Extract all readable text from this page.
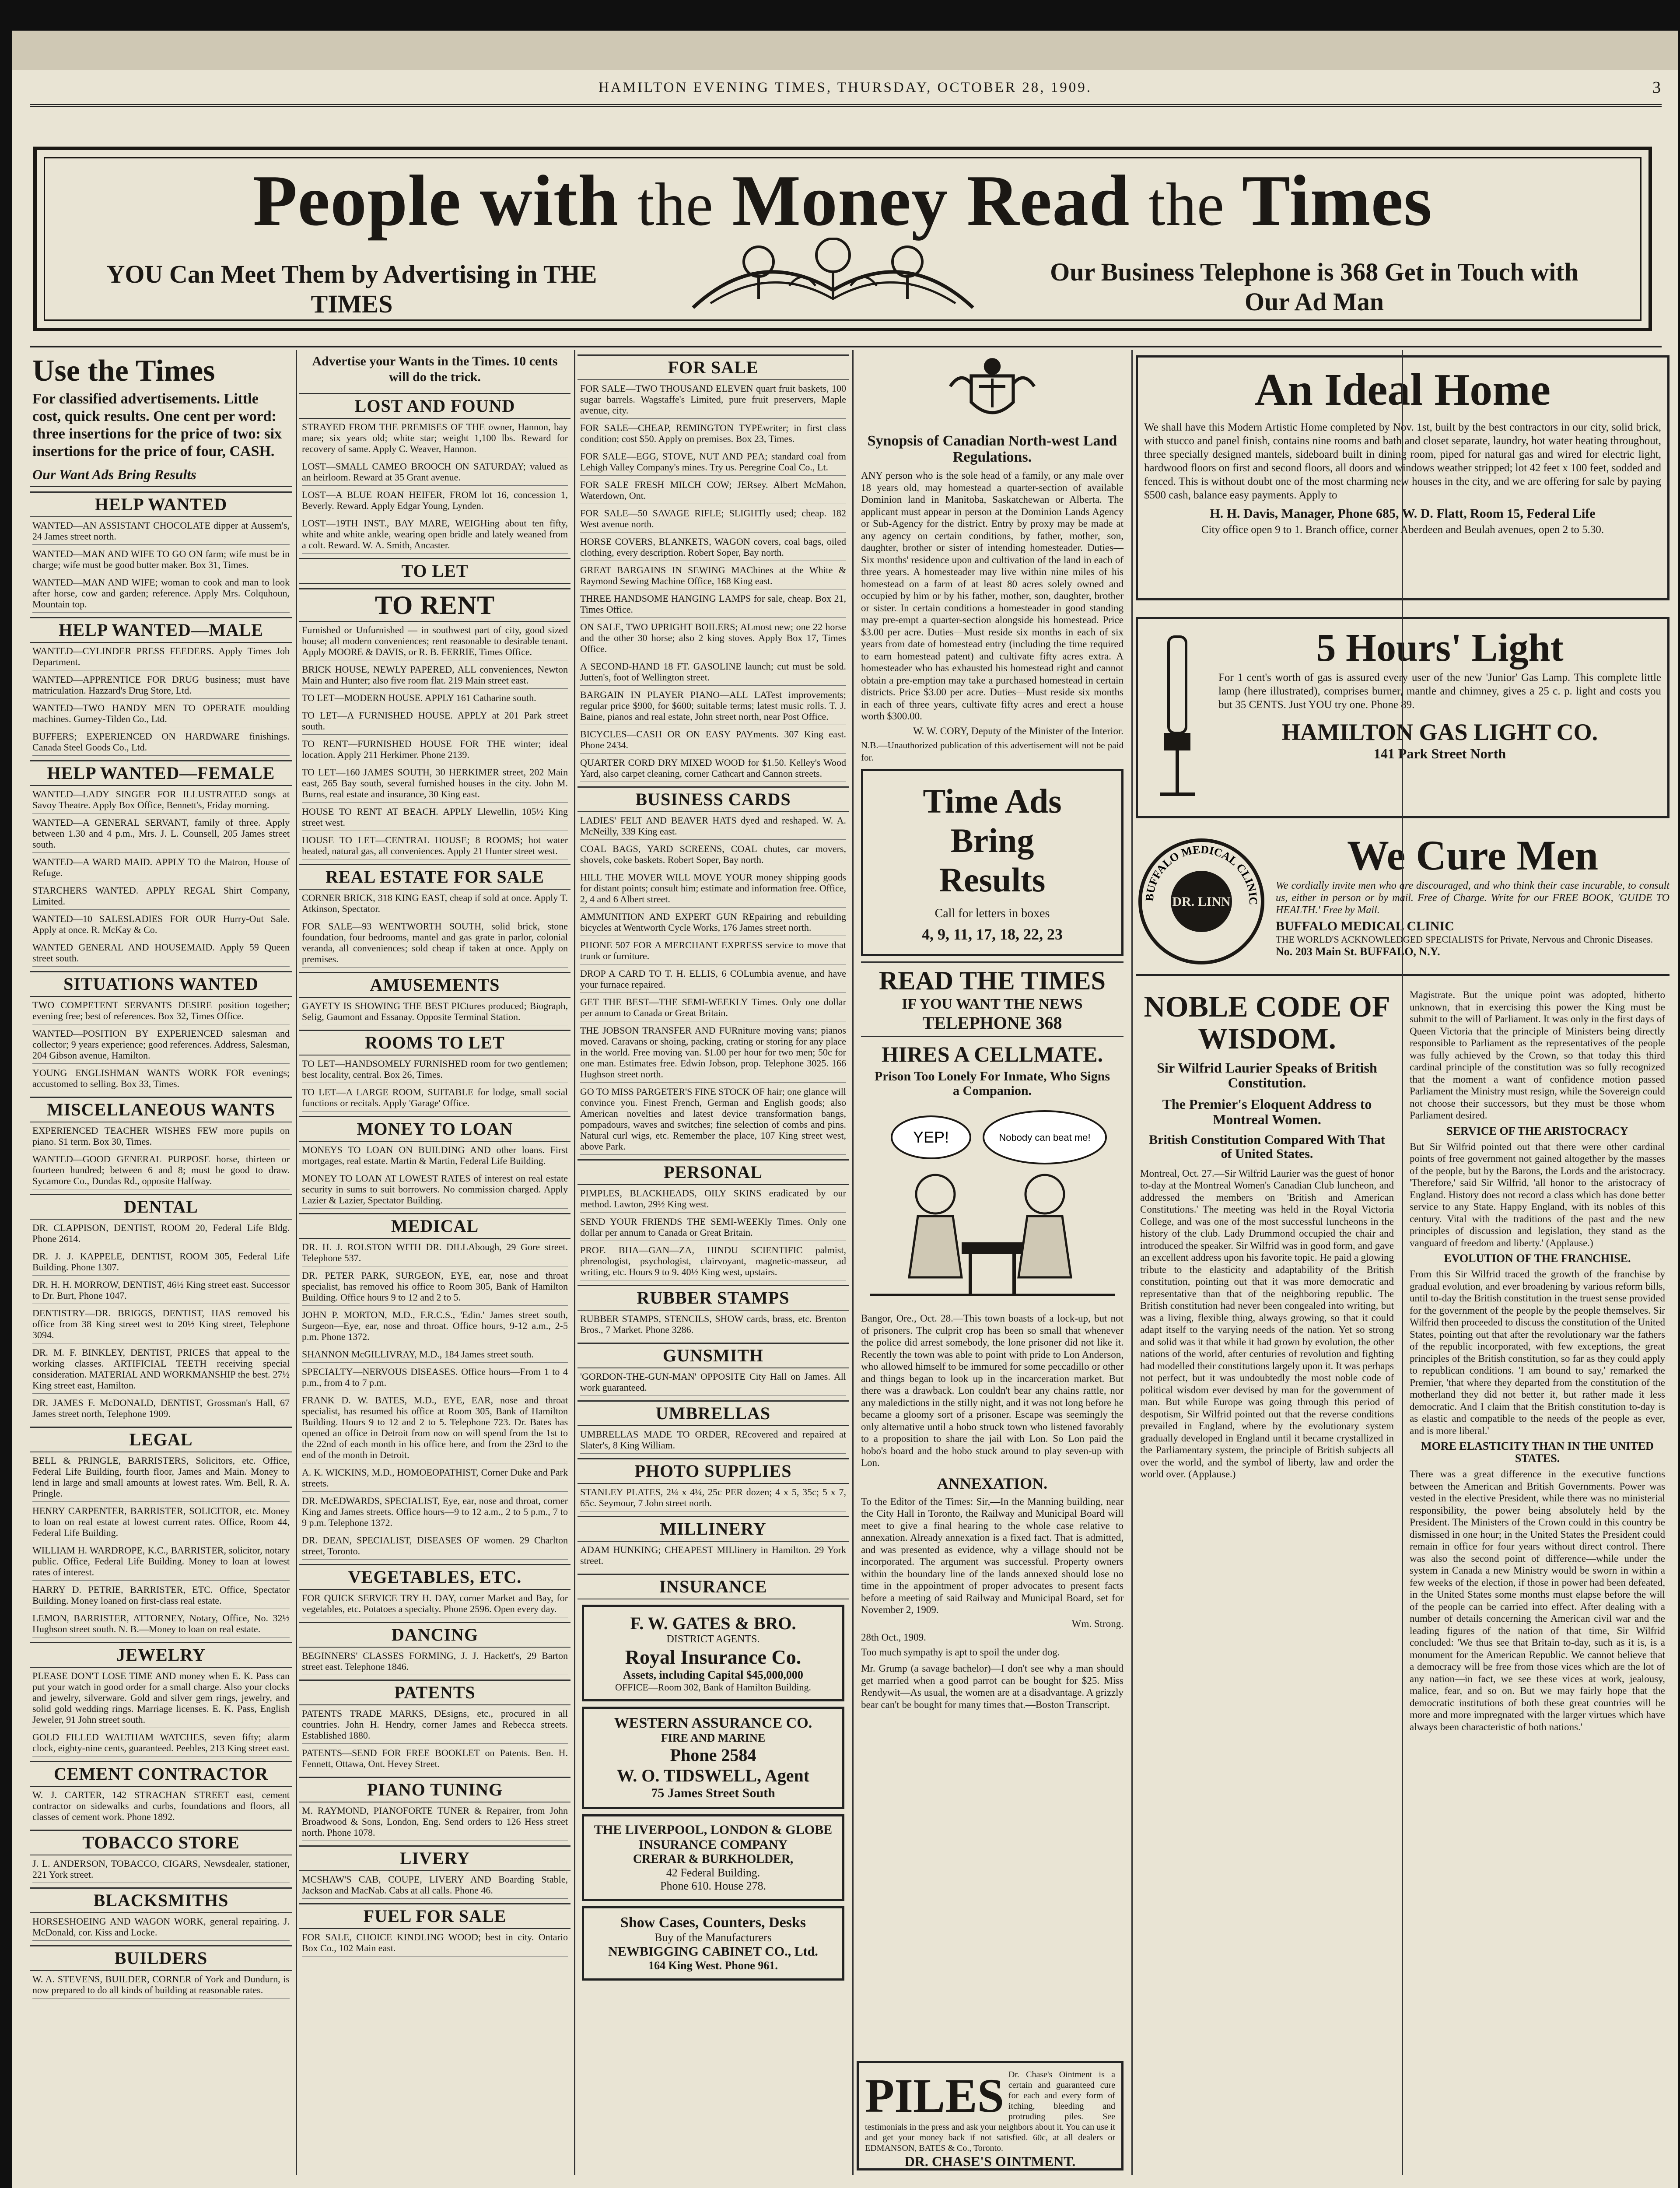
HAMILTON EVENING TIMES, THURSDAY, OCTOBER 28, 1909.	3
People with the Money Read the Times
YOU Can Meet Them by Advertising in THE TIMES
Our Business Telephone is 368 Get in Touch with Our Ad Man
Use the Times
For classified advertisements. Little cost, quick results. One cent per word: three insertions for the price of two: six insertions for the price of four, CASH.
Our Want Ads Bring Results
HELP WANTED
WANTED—AN ASSISTANT CHOCOLATE dipper at Aussem's, 24 James street north.
WANTED—MAN AND WIFE TO GO ON farm; wife must be in charge; wife must be good butter maker. Box 31, Times.
WANTED—MAN AND WIFE; woman to cook and man to look after horse, cow and garden; reference. Apply Mrs. Colquhoun, Mountain top.
HELP WANTED—MALE
WANTED—CYLINDER PRESS FEEDERS. Apply Times Job Department.
WANTED—APPRENTICE FOR DRUG business; must have matriculation. Hazzard's Drug Store, Ltd.
WANTED—TWO HANDY MEN TO OPERATE moulding machines. Gurney-Tilden Co., Ltd.
BUFFERS; EXPERIENCED ON HARDWARE finishings. Canada Steel Goods Co., Ltd.
HELP WANTED—FEMALE
WANTED—LADY SINGER FOR ILLUSTRATED songs at Savoy Theatre. Apply Box Office, Bennett's, Friday morning.
WANTED—A GENERAL SERVANT, family of three. Apply between 1.30 and 4 p.m., Mrs. J. L. Counsell, 205 James street south.
WANTED—A WARD MAID. APPLY TO the Matron, House of Refuge.
STARCHERS WANTED. APPLY REGAL Shirt Company, Limited.
WANTED—10 SALESLADIES FOR OUR Hurry-Out Sale. Apply at once. R. McKay & Co.
WANTED GENERAL AND HOUSEMAID. Apply 59 Queen street south.
SITUATIONS WANTED
TWO COMPETENT SERVANTS DESIRE position together; evening free; best of references. Box 32, Times Office.
WANTED—POSITION BY EXPERIENCED salesman and collector; 9 years experience; good references. Address, Salesman, 204 Gibson avenue, Hamilton.
YOUNG ENGLISHMAN WANTS WORK FOR evenings; accustomed to selling. Box 33, Times.
MISCELLANEOUS WANTS
EXPERIENCED TEACHER WISHES FEW more pupils on piano. $1 term. Box 30, Times.
WANTED—GOOD GENERAL PURPOSE horse, thirteen or fourteen hundred; between 6 and 8; must be good to draw. Sycamore Co., Dundas Rd., opposite Halfway.
DENTAL
DR. CLAPPISON, DENTIST, ROOM 20, Federal Life Bldg. Phone 2614.
DR. J. J. KAPPELE, DENTIST, ROOM 305, Federal Life Building. Phone 1307.
DR. H. H. MORROW, DENTIST, 46½ King street east. Successor to Dr. Burt, Phone 1047.
DENTISTRY—DR. BRIGGS, DENTIST, HAS removed his office from 38 King street west to 20½ King street, Telephone 3094.
DR. M. F. BINKLEY, DENTIST, PRICES that appeal to the working classes. ARTIFICIAL TEETH receiving special consideration. MATERIAL AND WORKMANSHIP the best. 27½ King street east, Hamilton.
DR. JAMES F. McDONALD, DENTIST, Grossman's Hall, 67 James street north, Telephone 1909.
LEGAL
BELL & PRINGLE, BARRISTERS, Solicitors, etc. Office, Federal Life Building, fourth floor, James and Main. Money to lend in large and small amounts at lowest rates. Wm. Bell, R. A. Pringle.
HENRY CARPENTER, BARRISTER, SOLICITOR, etc. Money to loan on real estate at lowest current rates. Office, Room 44, Federal Life Building.
WILLIAM H. WARDROPE, K.C., BARRISTER, solicitor, notary public. Office, Federal Life Building. Money to loan at lowest rates of interest.
HARRY D. PETRIE, BARRISTER, ETC. Office, Spectator Building. Money loaned on first-class real estate.
LEMON, BARRISTER, ATTORNEY, Notary, Office, No. 32½ Hughson street south. N. B.—Money to loan on real estate.
JEWELRY
PLEASE DON'T LOSE TIME AND money when E. K. Pass can put your watch in good order for a small charge. Also your clocks and jewelry, silverware. Gold and silver gem rings, jewelry, and solid gold wedding rings. Marriage licenses. E. K. Pass, English Jeweler, 91 John street south.
GOLD FILLED WALTHAM WATCHES, seven fifty; alarm clock, eighty-nine cents, guaranteed. Peebles, 213 King street east.
CEMENT CONTRACTOR
W. J. CARTER, 142 STRACHAN STREET east, cement contractor on sidewalks and curbs, foundations and floors, all classes of cement work. Phone 1892.
TOBACCO STORE
J. L. ANDERSON, TOBACCO, CIGARS, Newsdealer, stationer, 221 York street.
BLACKSMITHS
HORSESHOEING AND WAGON WORK, general repairing. J. McDonald, cor. Kiss and Locke.
BUILDERS
W. A. STEVENS, BUILDER, CORNER of York and Dundurn, is now prepared to do all kinds of building at reasonable rates.
Advertise your Wants in the Times. 10 cents will do the trick.
LOST AND FOUND
STRAYED FROM THE PREMISES OF THE owner, Hannon, bay mare; six years old; white star; weight 1,100 lbs. Reward for recovery of same. Apply C. Weaver, Hannon.
LOST—SMALL CAMEO BROOCH ON SATURDAY; valued as an heirloom. Reward at 35 Grant avenue.
LOST—A BLUE ROAN HEIFER, FROM lot 16, concession 1, Beverly. Reward. Apply Edgar Young, Lynden.
LOST—19TH INST., BAY MARE, WEIGHing about ten fifty, white and white ankle, wearing open bridle and lately weaned from a colt. Reward. W. A. Smith, Ancaster.
TO LET
TO RENT
Furnished or Unfurnished — in southwest part of city, good sized house; all modern conveniences; rent reasonable to desirable tenant. Apply MOORE & DAVIS, or R. B. FERRIE, Times Office.
BRICK HOUSE, NEWLY PAPERED, ALL conveniences, Newton Main and Hunter; also five room flat. 219 Main street east.
TO LET—MODERN HOUSE. APPLY 161 Catharine south.
TO LET—A FURNISHED HOUSE. APPLY at 201 Park street south.
TO RENT—FURNISHED HOUSE FOR THE winter; ideal location. Apply 211 Herkimer. Phone 2139.
TO LET—160 JAMES SOUTH, 30 HERKIMER street, 202 Main east, 265 Bay south, several furnished houses in the city. John M. Burns, real estate and insurance, 30 King east.
HOUSE TO RENT AT BEACH. APPLY Llewellin, 105½ King street west.
HOUSE TO LET—CENTRAL HOUSE; 8 ROOMS; hot water heated, natural gas, all conveniences. Apply 21 Hunter street west.
REAL ESTATE FOR SALE
CORNER BRICK, 318 KING EAST, cheap if sold at once. Apply T. Atkinson, Spectator.
FOR SALE—93 WENTWORTH SOUTH, solid brick, stone foundation, four bedrooms, mantel and gas grate in parlor, colonial veranda, all conveniences; sold cheap if taken at once. Apply on premises.
AMUSEMENTS
GAYETY IS SHOWING THE BEST PICtures produced; Biograph, Selig, Gaumont and Essanay. Opposite Terminal Station.
ROOMS TO LET
TO LET—HANDSOMELY FURNISHED room for two gentlemen; best locality, central. Box 26, Times.
TO LET—A LARGE ROOM, SUITABLE for lodge, small social functions or recitals. Apply 'Garage' Office.
MONEY TO LOAN
MONEYS TO LOAN ON BUILDING AND other loans. First mortgages, real estate. Martin & Martin, Federal Life Building.
MONEY TO LOAN AT LOWEST RATES of interest on real estate security in sums to suit borrowers. No commission charged. Apply Lazier & Lazier, Spectator Building.
MEDICAL
DR. H. J. ROLSTON WITH DR. DILLAbough, 29 Gore street. Telephone 537.
DR. PETER PARK, SURGEON, EYE, ear, nose and throat specialist, has removed his office to Room 305, Bank of Hamilton Building. Office hours 9 to 12 and 2 to 5.
JOHN P. MORTON, M.D., F.R.C.S., 'Edin.' James street south, Surgeon—Eye, ear, nose and throat. Office hours, 9-12 a.m., 2-5 p.m. Phone 1372.
SHANNON McGILLIVRAY, M.D., 184 James street south.
SPECIALTY—NERVOUS DISEASES. Office hours—From 1 to 4 p.m., from 4 to 7 p.m.
FRANK D. W. BATES, M.D., EYE, EAR, nose and throat specialist, has resumed his office at Room 305, Bank of Hamilton Building. Hours 9 to 12 and 2 to 5. Telephone 723. Dr. Bates has opened an office in Detroit from now on will spend from the 1st to the 22nd of each month in his office here, and from the 23rd to the end of the month in Detroit.
A. K. WICKINS, M.D., HOMOEOPATHIST, Corner Duke and Park streets.
DR. McEDWARDS, SPECIALIST, Eye, ear, nose and throat, corner King and James streets. Office hours—9 to 12 a.m., 2 to 5 p.m., 7 to 9 p.m. Telephone 1372.
DR. DEAN, SPECIALIST, DISEASES OF women. 29 Charlton street, Toronto.
VEGETABLES, ETC.
FOR QUICK SERVICE TRY H. DAY, corner Market and Bay, for vegetables, etc. Potatoes a specialty. Phone 2596. Open every day.
DANCING
BEGINNERS' CLASSES FORMING, J. J. Hackett's, 29 Barton street east. Telephone 1846.
PATENTS
PATENTS TRADE MARKS, DEsigns, etc., procured in all countries. John H. Hendry, corner James and Rebecca streets. Established 1880.
PATENTS—SEND FOR FREE BOOKLET on Patents. Ben. H. Fennett, Ottawa, Ont. Hevey Street.
PIANO TUNING
M. RAYMOND, PIANOFORTE TUNER & Repairer, from John Broadwood & Sons, London, Eng. Send orders to 126 Hess street north. Phone 1078.
LIVERY
MCSHAW'S CAB, COUPE, LIVERY AND Boarding Stable, Jackson and MacNab. Cabs at all calls. Phone 46.
FUEL FOR SALE
FOR SALE, CHOICE KINDLING WOOD; best in city. Ontario Box Co., 102 Main east.
FOR SALE
FOR SALE—TWO THOUSAND ELEVEN quart fruit baskets, 100 sugar barrels. Wagstaffe's Limited, pure fruit preservers, Maple avenue, city.
FOR SALE—CHEAP, REMINGTON TYPEwriter; in first class condition; cost $50. Apply on premises. Box 23, Times.
FOR SALE—EGG, STOVE, NUT AND PEA; standard coal from Lehigh Valley Company's mines. Try us. Peregrine Coal Co., Lt.
FOR SALE FRESH MILCH COW; JERsey. Albert McMahon, Waterdown, Ont.
FOR SALE—50 SAVAGE RIFLE; SLIGHTly used; cheap. 182 West avenue north.
HORSE COVERS, BLANKETS, WAGON covers, coal bags, oiled clothing, every description. Robert Soper, Bay north.
GREAT BARGAINS IN SEWING MAChines at the White & Raymond Sewing Machine Office, 168 King east.
THREE HANDSOME HANGING LAMPS for sale, cheap. Box 21, Times Office.
ON SALE, TWO UPRIGHT BOILERS; ALmost new; one 22 horse and the other 30 horse; also 2 king stoves. Apply Box 17, Times Office.
A SECOND-HAND 18 FT. GASOLINE launch; cut must be sold. Jutten's, foot of Wellington street.
BARGAIN IN PLAYER PIANO—ALL LATest improvements; regular price $900, for $600; suitable terms; latest music rolls. T. J. Baine, pianos and real estate, John street north, near Post Office.
BICYCLES—CASH OR ON EASY PAYments. 307 King east. Phone 2434.
QUARTER CORD DRY MIXED WOOD for $1.50. Kelley's Wood Yard, also carpet cleaning, corner Cathcart and Cannon streets.
BUSINESS CARDS
LADIES' FELT AND BEAVER HATS dyed and reshaped. W. A. McNeilly, 339 King east.
COAL BAGS, YARD SCREENS, COAL chutes, car movers, shovels, coke baskets. Robert Soper, Bay north.
HILL THE MOVER WILL MOVE YOUR money shipping goods for distant points; consult him; estimate and information free. Office, 2, 4 and 6 Albert street.
AMMUNITION AND EXPERT GUN REpairing and rebuilding bicycles at Wentworth Cycle Works, 176 James street north.
PHONE 507 FOR A MERCHANT EXPRESS service to move that trunk or furniture.
DROP A CARD TO T. H. ELLIS, 6 COLumbia avenue, and have your furnace repaired.
GET THE BEST—THE SEMI-WEEKLY Times. Only one dollar per annum to Canada or Great Britain.
THE JOBSON TRANSFER AND FURniture moving vans; pianos moved. Caravans or shoing, packing, crating or storing for any place in the world. Free moving van. $1.00 per hour for two men; 50c for one man. Estimates free. Edwin Jobson, prop. Telephone 3025. 166 Hughson street north.
GO TO MISS PARGETER'S FINE STOCK OF hair; one glance will convince you. Finest French, German and English goods; also American novelties and latest device transformation bangs, pompadours, waves and switches; fine selection of combs and pins. Natural curl wigs, etc. Remember the place, 107 King street west, above Park.
PERSONAL
PIMPLES, BLACKHEADS, OILY SKINS eradicated by our method. Lawton, 29½ King west.
SEND YOUR FRIENDS THE SEMI-WEEKly Times. Only one dollar per annum to Canada or Great Britain.
PROF. BHA—GAN—ZA, HINDU SCIENTIFIC palmist, phrenologist, psychologist, clairvoyant, magnetic-masseur, ad writing, etc. Hours 9 to 9. 40½ King west, upstairs.
RUBBER STAMPS
RUBBER STAMPS, STENCILS, SHOW cards, brass, etc. Brenton Bros., 7 Market. Phone 3286.
GUNSMITH
'GORDON-THE-GUN-MAN' OPPOSITE City Hall on James. All work guaranteed.
UMBRELLAS
UMBRELLAS MADE TO ORDER, REcovered and repaired at Slater's, 8 King William.
PHOTO SUPPLIES
STANLEY PLATES, 2¼ x 4¼, 25c PER dozen; 4 x 5, 35c; 5 x 7, 65c. Seymour, 7 John street north.
MILLINERY
ADAM HUNKING; CHEAPEST MILlinery in Hamilton. 29 York street.
INSURANCE
F. W. GATES & BRO.
DISTRICT AGENTS.
Royal Insurance Co.
Assets, including Capital $45,000,000
OFFICE—Room 302, Bank of Hamilton Building.
WESTERN ASSURANCE CO.
FIRE AND MARINE
Phone 2584
W. O. TIDSWELL, Agent
75 James Street South
THE LIVERPOOL, LONDON & GLOBE INSURANCE COMPANY
CRERAR & BURKHOLDER,
42 Federal Building.
Phone 610. House 278.
Show Cases, Counters, Desks
Buy of the Manufacturers
NEWBIGGING CABINET CO., Ltd.
164 King West. Phone 961.
Synopsis of Canadian North-west Land Regulations.
ANY person who is the sole head of a family, or any male over 18 years old, may homestead a quarter-section of available Dominion land in Manitoba, Saskatchewan or Alberta. The applicant must appear in person at the Dominion Lands Agency or Sub-Agency for the district. Entry by proxy may be made at any agency on certain conditions, by father, mother, son, daughter, brother or sister of intending homesteader. Duties—Six months' residence upon and cultivation of the land in each of three years. A homesteader may live within nine miles of his homestead on a farm of at least 80 acres solely owned and occupied by him or by his father, mother, son, daughter, brother or sister. In certain conditions a homesteader in good standing may pre-empt a quarter-section alongside his homestead. Price $3.00 per acre. Duties—Must reside six months in each of six years from date of homestead entry (including the time required to earn homestead patent) and cultivate fifty acres extra. A homesteader who has exhausted his homestead right and cannot obtain a pre-emption may take a purchased homestead in certain districts. Price $3.00 per acre. Duties—Must reside six months in each of three years, cultivate fifty acres and erect a house worth $300.00.
W. W. CORY, Deputy of the Minister of the Interior.
N.B.—Unauthorized publication of this advertisement will not be paid for.
Time Ads
Bring
Results
Call for letters in boxes
4, 9, 11, 17, 18, 22, 23
READ THE TIMES
IF YOU WANT THE NEWS
TELEPHONE 368
HIRES A CELLMATE.
Prison Too Lonely For Inmate, Who Signs a Companion.
YEP!	Nobody can beat me!
Bangor, Ore., Oct. 28.—This town boasts of a lock-up, but not of prisoners. The culprit crop has been so small that whenever the police did arrest somebody, the lone prisoner did not like it. Recently the town was able to point with pride to Lon Anderson, who allowed himself to be immured for some peccadillo or other and things began to look up in the incarceration market. But there was a drawback. Lon couldn't bear any chains rattle, nor any maledictions in the stilly night, and it was not long before he became a gloomy sort of a prisoner. Escape was seemingly the only alternative until a hobo struck town who listened favorably to a proposition to share the jail with Lon. So Lon paid the hobo's board and the hobo stuck around to play seven-up with Lon.
ANNEXATION.
To the Editor of the Times: Sir,—In the Manning building, near the City Hall in Toronto, the Railway and Municipal Board will meet to give a final hearing to the whole case relative to annexation. Already annexation is a fixed fact. That is admitted, and was presented as evidence, why a village should not be incorporated. The argument was successful. Property owners within the boundary line of the lands annexed should lose no time in the appointment of proper advocates to present facts before a meeting of said Railway and Municipal Board, set for November 2, 1909.
Wm. Strong.
28th Oct., 1909.
Too much sympathy is apt to spoil the under dog.
Mr. Grump (a savage bachelor)—I don't see why a man should get married when a good parrot can be bought for $25. Miss Rendywit—As usual, the women are at a disadvantage. A grizzly bear can't be bought for many times that.—Boston Transcript.
PILES Dr. Chase's Ointment is a certain and guaranteed cure for each and every form of itching, bleeding and protruding piles. See testimonials in the press and ask your neighbors about it. You can use it and get your money back if not satisfied. 60c, at all dealers or EDMANSON, BATES & Co., Toronto.
DR. CHASE'S OINTMENT.
An Ideal Home
We shall have this Modern Artistic Home completed by Nov. 1st, built by the best contractors in our city, solid brick, with stucco and panel finish, contains nine rooms and bath and closet separate, laundry, hot water heating throughout, three specially designed mantels, sideboard built in dining room, piped for natural gas and wired for electric light, hardwood floors on first and second floors, all doors and windows weather stripped; lot 42 feet x 100 feet, sodded and fenced. This is without doubt one of the most charming new houses in the city, and we are offering for sale by paying $500 cash, balance easy payments. Apply to
H. H. Davis, Manager, Phone 685, W. D. Flatt, Room 15, Federal Life
City office open 9 to 1. Branch office, corner Aberdeen and Beulah avenues, open 2 to 5.30.
5 Hours' Light
For 1 cent's worth of gas is assured every user of the new 'Junior' Gas Lamp. This complete little lamp (here illustrated), comprises burner, mantle and chimney, gives a 25 c. p. light and costs you but 35 CENTS. Just YOU try one. Phone 89.
HAMILTON GAS LIGHT CO.
141 Park Street North
BUFFALO MEDICAL CLINIC
DR. LINN
We Cure Men
We cordially invite men who are discouraged, and who think their case incurable, to consult us, either in person or by mail. Free of Charge. Write for our FREE BOOK, 'GUIDE TO HEALTH.' Free by Mail.
BUFFALO MEDICAL CLINIC
THE WORLD'S ACKNOWLEDGED SPECIALISTS for Private, Nervous and Chronic Diseases.
No. 203 Main St. BUFFALO, N.Y.
NOBLE CODE OF WISDOM.
Sir Wilfrid Laurier Speaks of British Constitution.
The Premier's Eloquent Address to Montreal Women.
British Constitution Compared With That of United States.
Montreal, Oct. 27.—Sir Wilfrid Laurier was the guest of honor to-day at the Montreal Women's Canadian Club luncheon, and addressed the members on 'British and American Constitutions.' The meeting was held in the Royal Victoria College, and was one of the most successful luncheons in the history of the club. Lady Drummond occupied the chair and introduced the speaker. Sir Wilfrid was in good form, and gave an excellent address upon his favorite topic. He paid a glowing tribute to the elasticity and adaptability of the British constitution, pointing out that it was more democratic and representative than that of the neighboring republic. The British constitution had never been congealed into writing, but was a living, flexible thing, always growing, so that it could adapt itself to the varying needs of the nation. Yet so strong and solid was it that while it had grown by evolution, the other nations of the world, after centuries of revolution and fighting had modelled their constitutions largely upon it. It was perhaps not perfect, but it was undoubtedly the most noble code of political wisdom ever devised by man for the government of man. But while Europe was going through this period of despotism, Sir Wilfrid pointed out that the reverse conditions prevailed in England, where by the evolutionary system gradually developed in England until it became crystallized in the Parliamentary system, the principle of British subjects all over the world, and the symbol of liberty, law and order the world over. (Applause.)
Magistrate. But the unique point was adopted, hitherto unknown, that in exercising this power the King must be submit to the will of Parliament. It was only in the first days of Queen Victoria that the principle of Ministers being directly responsible to Parliament as the representatives of the people was fully achieved by the Crown, so that today this third cardinal principle of the constitution was so fully recognized that the moment a want of confidence motion passed Parliament the Ministry must resign, while the Sovereign could not choose their successors, but they must be those whom Parliament desired.
SERVICE OF THE ARISTOCRACY
But Sir Wilfrid pointed out that there were other cardinal points of free government not gained altogether by the masses of the people, but by the Barons, the Lords and the aristocracy. 'Therefore,' said Sir Wilfrid, 'all honor to the aristocracy of England. History does not record a class which has done better service to any State. Happy England, with its nobles of this century. Vital with the traditions of the past and the new principles of discussion and legislation, they stand as the vanguard of freedom and liberty.' (Applause.)
EVOLUTION OF THE FRANCHISE.
From this Sir Wilfrid traced the growth of the franchise by gradual evolution, and ever broadening by various reform bills, until to-day the British constitution in the truest sense provided for the government of the people by the people themselves. Sir Wilfrid then proceeded to discuss the constitution of the United States, pointing out that after the revolutionary war the fathers of the republic incorporated, with few exceptions, the great principles of the British constitution, so far as they could apply to republican conditions. 'I am bound to say,' remarked the Premier, 'that where they departed from the constitution of the motherland they did not better it, but rather made it less democratic. And I claim that the British constitution to-day is as elastic and compatible to the needs of the people as ever, and is more liberal.'
MORE ELASTICITY THAN IN THE UNITED STATES.
There was a great difference in the executive functions between the American and British Governments. Power was vested in the elective President, while there was no ministerial responsibility, the power being absolutely held by the President. The Ministers of the Crown could in this country be dismissed in one hour; in the United States the President could remain in office for four years without direct control. There was also the second point of difference—while under the system in Canada a new Ministry would be sworn in within a few weeks of the election, if those in power had been defeated, in the United States some months must elapse before the will of the people can be carried into effect. After dealing with a number of details concerning the American civil war and the leading figures of the nation of that time, Sir Wilfrid concluded: 'We thus see that Britain to-day, such as it is, is a monument for the American Republic. We cannot believe that a democracy will be free from those vices which are the lot of any nation—in fact, we see these vices at work, jealousy, malice, fear, and so on. But we may fairly hope that the democratic institutions of both these great countries will be more and more impregnated with the larger virtues which have always been characteristic of both nations.'
